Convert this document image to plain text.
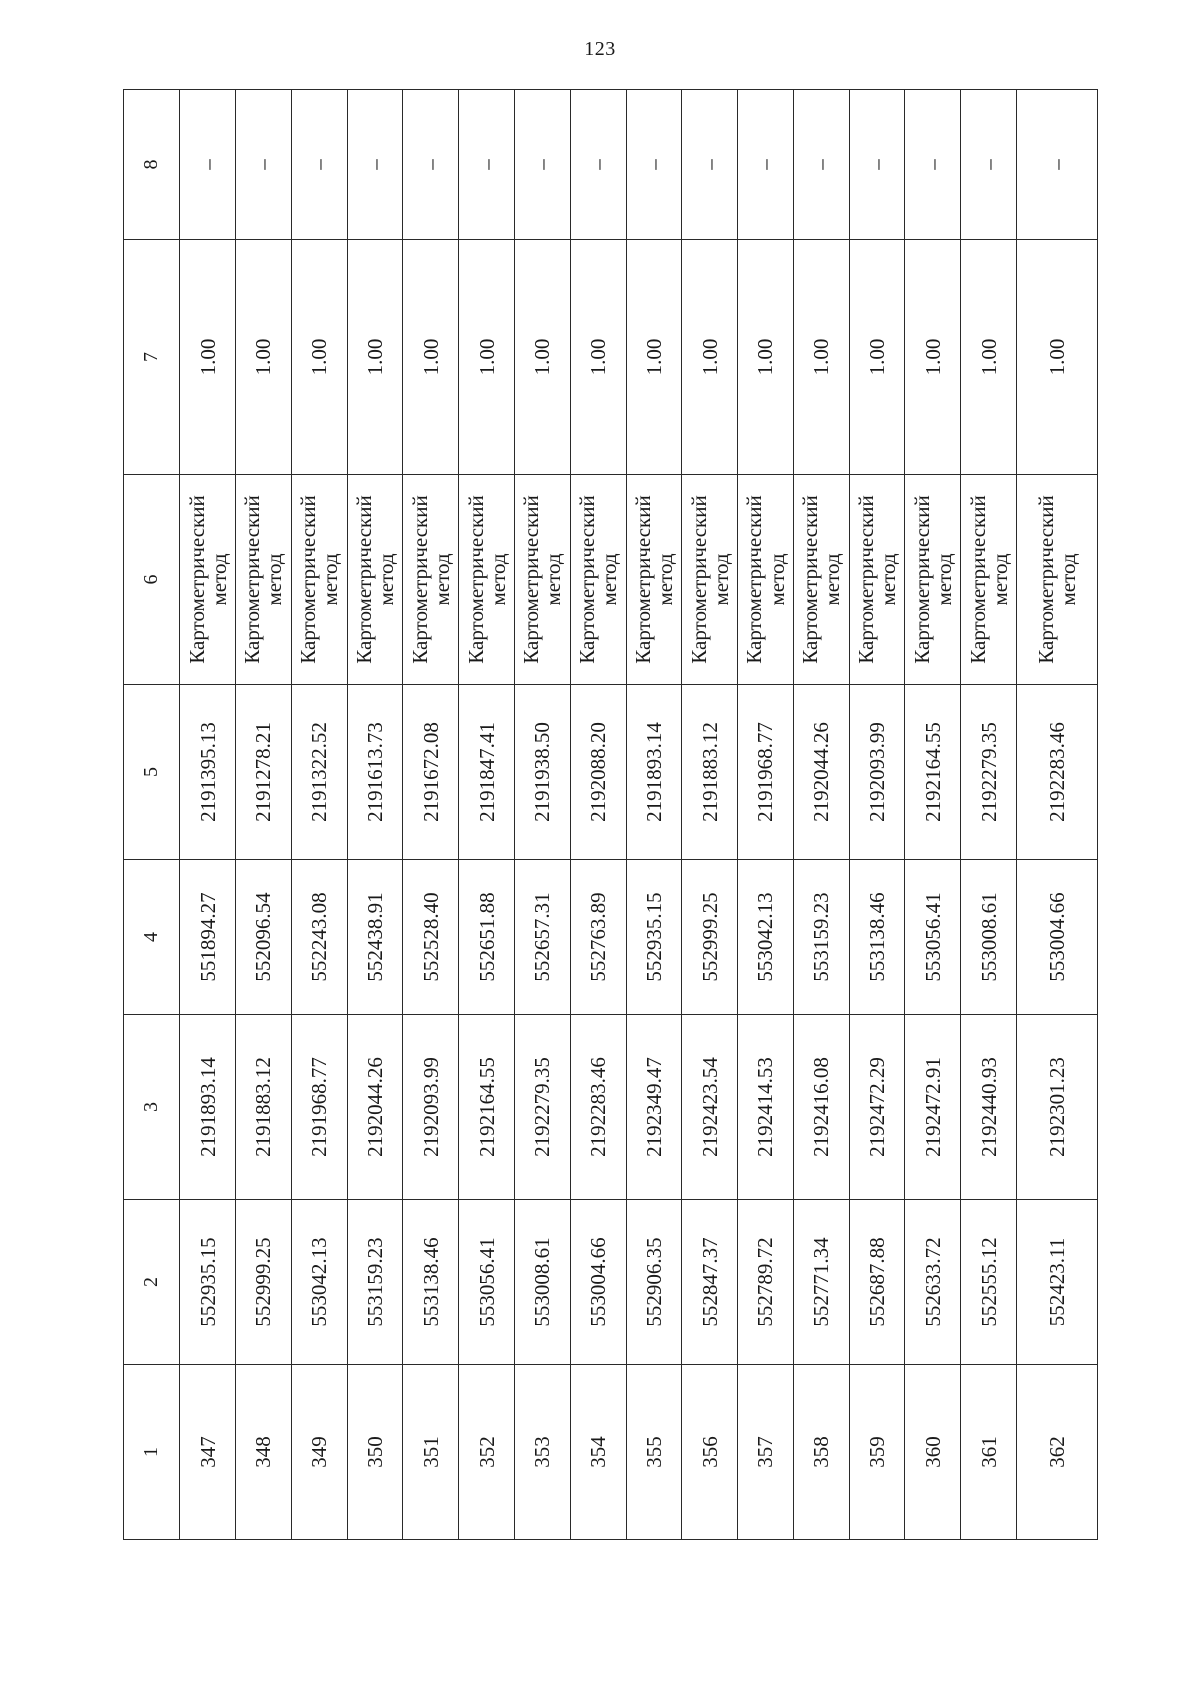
123
1	2	3	4	5	6	7	8
347	552935.15	2191893.14	551894.27	2191395.13	Картометрический метод	1.00	–
348	552999.25	2191883.12	552096.54	2191278.21	Картометрический метод	1.00	–
349	553042.13	2191968.77	552243.08	2191322.52	Картометрический метод	1.00	–
350	553159.23	2192044.26	552438.91	2191613.73	Картометрический метод	1.00	–
351	553138.46	2192093.99	552528.40	2191672.08	Картометрический метод	1.00	–
352	553056.41	2192164.55	552651.88	2191847.41	Картометрический метод	1.00	–
353	553008.61	2192279.35	552657.31	2191938.50	Картометрический метод	1.00	–
354	553004.66	2192283.46	552763.89	2192088.20	Картометрический метод	1.00	–
355	552906.35	2192349.47	552935.15	2191893.14	Картометрический метод	1.00	–
356	552847.37	2192423.54	552999.25	2191883.12	Картометрический метод	1.00	–
357	552789.72	2192414.53	553042.13	2191968.77	Картометрический метод	1.00	–
358	552771.34	2192416.08	553159.23	2192044.26	Картометрический метод	1.00	–
359	552687.88	2192472.29	553138.46	2192093.99	Картометрический метод	1.00	–
360	552633.72	2192472.91	553056.41	2192164.55	Картометрический метод	1.00	–
361	552555.12	2192440.93	553008.61	2192279.35	Картометрический метод	1.00	–
362	552423.11	2192301.23	553004.66	2192283.46	Картометрический метод	1.00	–
